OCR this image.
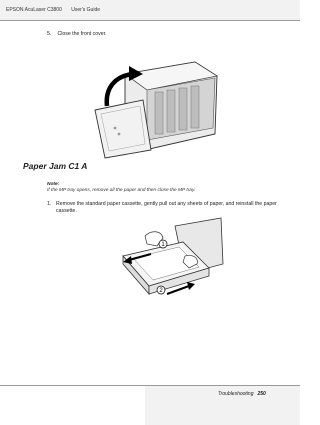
EPSON AcuLaser C3800 User's Guide
5. Close the front cover.
Paper Jam C1 A
Note:
If the MP tray opens, remove all the paper and then close the MP tray.
1. Remove the standard paper cassette, gently pull out any sheets of paper, and reinstall the paper cassette.
1
2
Troubleshooting 250
